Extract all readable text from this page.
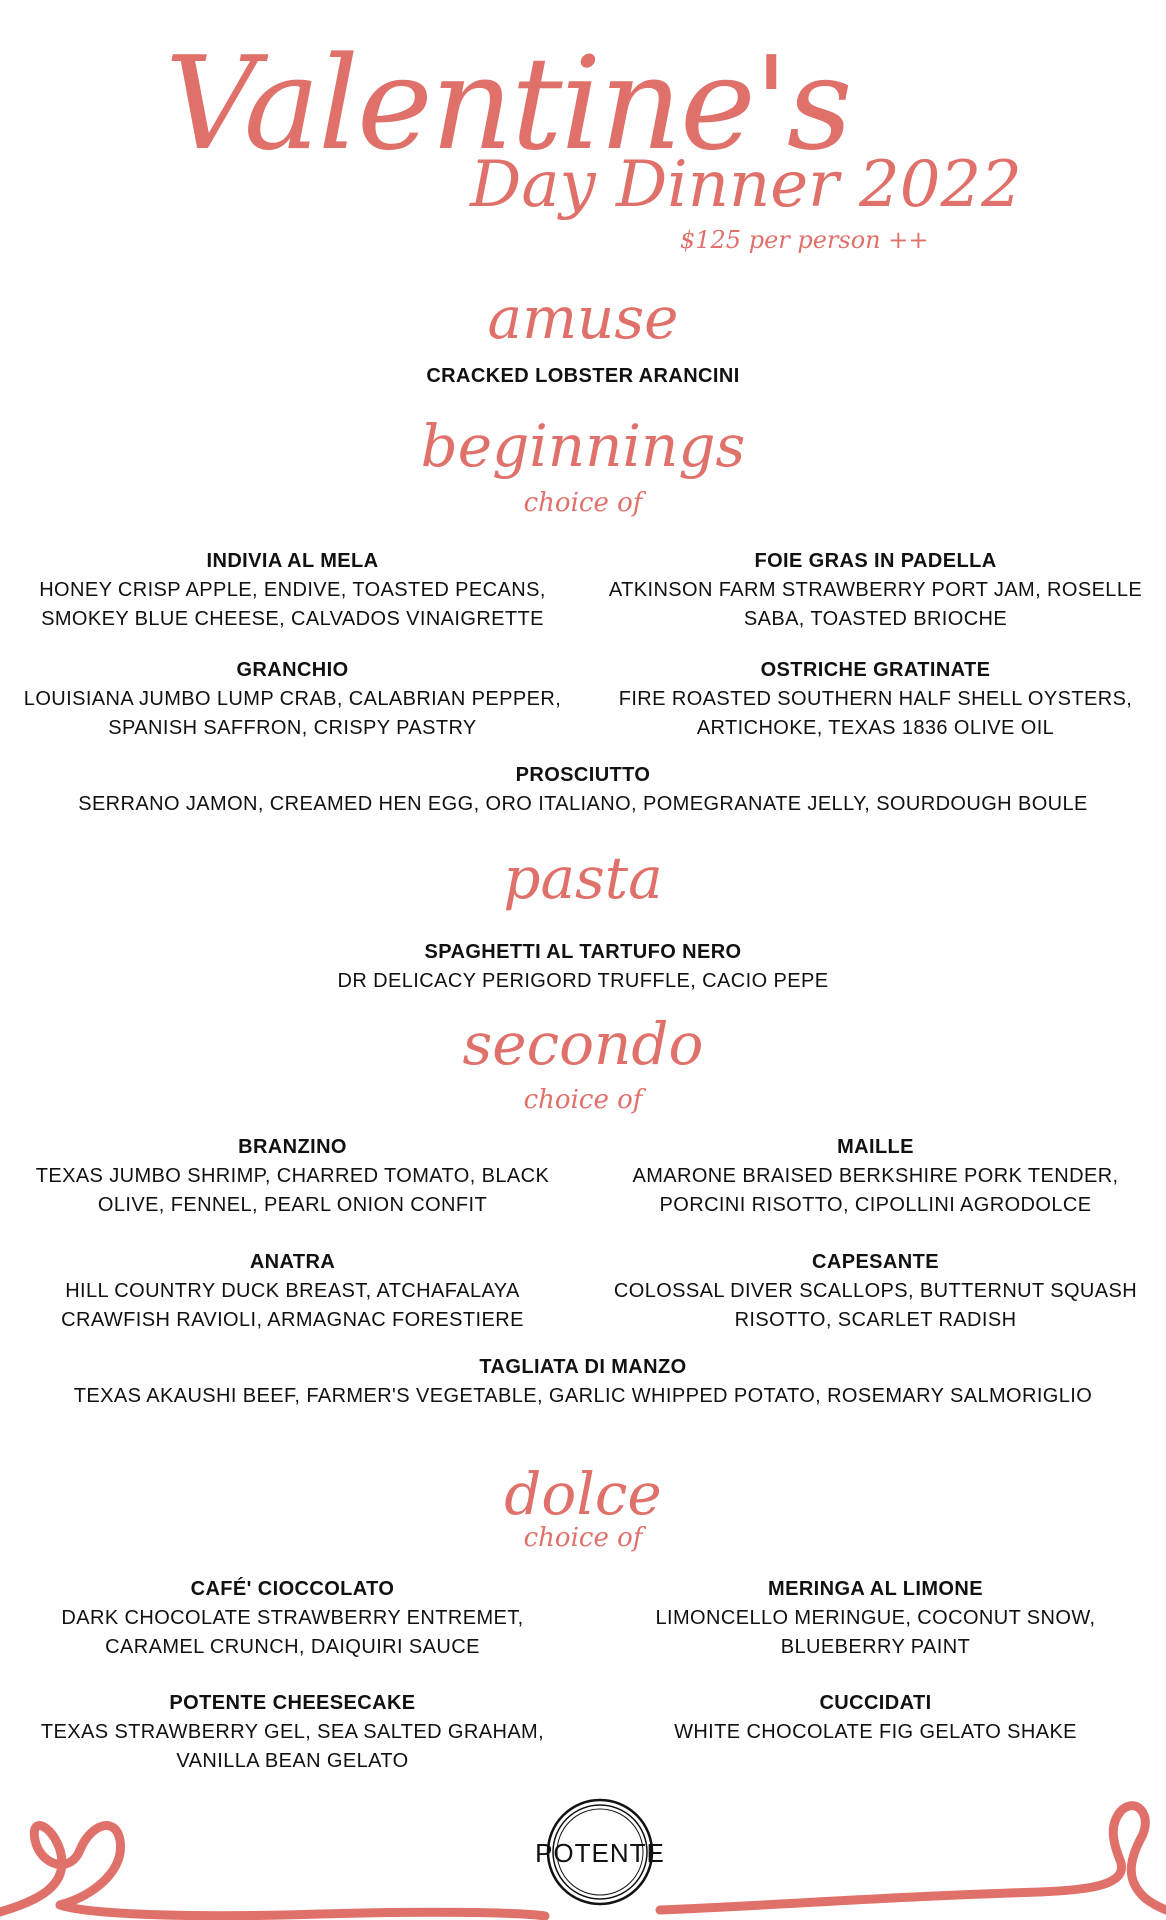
Valentine's
Day Dinner 2022
$125 per person ++
amuse
CRACKED LOBSTER ARANCINI
beginnings
choice of
INDIVIA AL MELA
HONEY CRISP APPLE, ENDIVE, TOASTED PECANS,
SMOKEY BLUE CHEESE, CALVADOS VINAIGRETTE
FOIE GRAS IN PADELLA
ATKINSON FARM STRAWBERRY PORT JAM, ROSELLE
SABA, TOASTED BRIOCHE
GRANCHIO
LOUISIANA JUMBO LUMP CRAB, CALABRIAN PEPPER,
SPANISH SAFFRON, CRISPY PASTRY
OSTRICHE GRATINATE
FIRE ROASTED SOUTHERN HALF SHELL OYSTERS,
ARTICHOKE, TEXAS 1836 OLIVE OIL
PROSCIUTTO
SERRANO JAMON, CREAMED HEN EGG, ORO ITALIANO, POMEGRANATE JELLY, SOURDOUGH BOULE
pasta
SPAGHETTI AL TARTUFO NERO
DR DELICACY PERIGORD TRUFFLE, CACIO PEPE
secondo
choice of
BRANZINO
TEXAS JUMBO SHRIMP, CHARRED TOMATO, BLACK
OLIVE, FENNEL, PEARL ONION CONFIT
MAILLE
AMARONE BRAISED BERKSHIRE PORK TENDER,
PORCINI RISOTTO, CIPOLLINI AGRODOLCE
ANATRA
HILL COUNTRY DUCK BREAST, ATCHAFALAYA
CRAWFISH RAVIOLI, ARMAGNAC FORESTIERE
CAPESANTE
COLOSSAL DIVER SCALLOPS, BUTTERNUT SQUASH
RISOTTO, SCARLET RADISH
TAGLIATA DI MANZO
TEXAS AKAUSHI BEEF, FARMER'S VEGETABLE, GARLIC WHIPPED POTATO, ROSEMARY SALMORIGLIO
dolce
choice of
CAFÉ' CIOCCOLATO
DARK CHOCOLATE STRAWBERRY ENTREMET,
CARAMEL CRUNCH, DAIQUIRI SAUCE
MERINGA AL LIMONE
LIMONCELLO MERINGUE, COCONUT SNOW,
BLUEBERRY PAINT
POTENTE CHEESECAKE
TEXAS STRAWBERRY GEL, SEA SALTED GRAHAM,
VANILLA BEAN GELATO
CUCCIDATI
WHITE CHOCOLATE FIG GELATO SHAKE
POTENTE
